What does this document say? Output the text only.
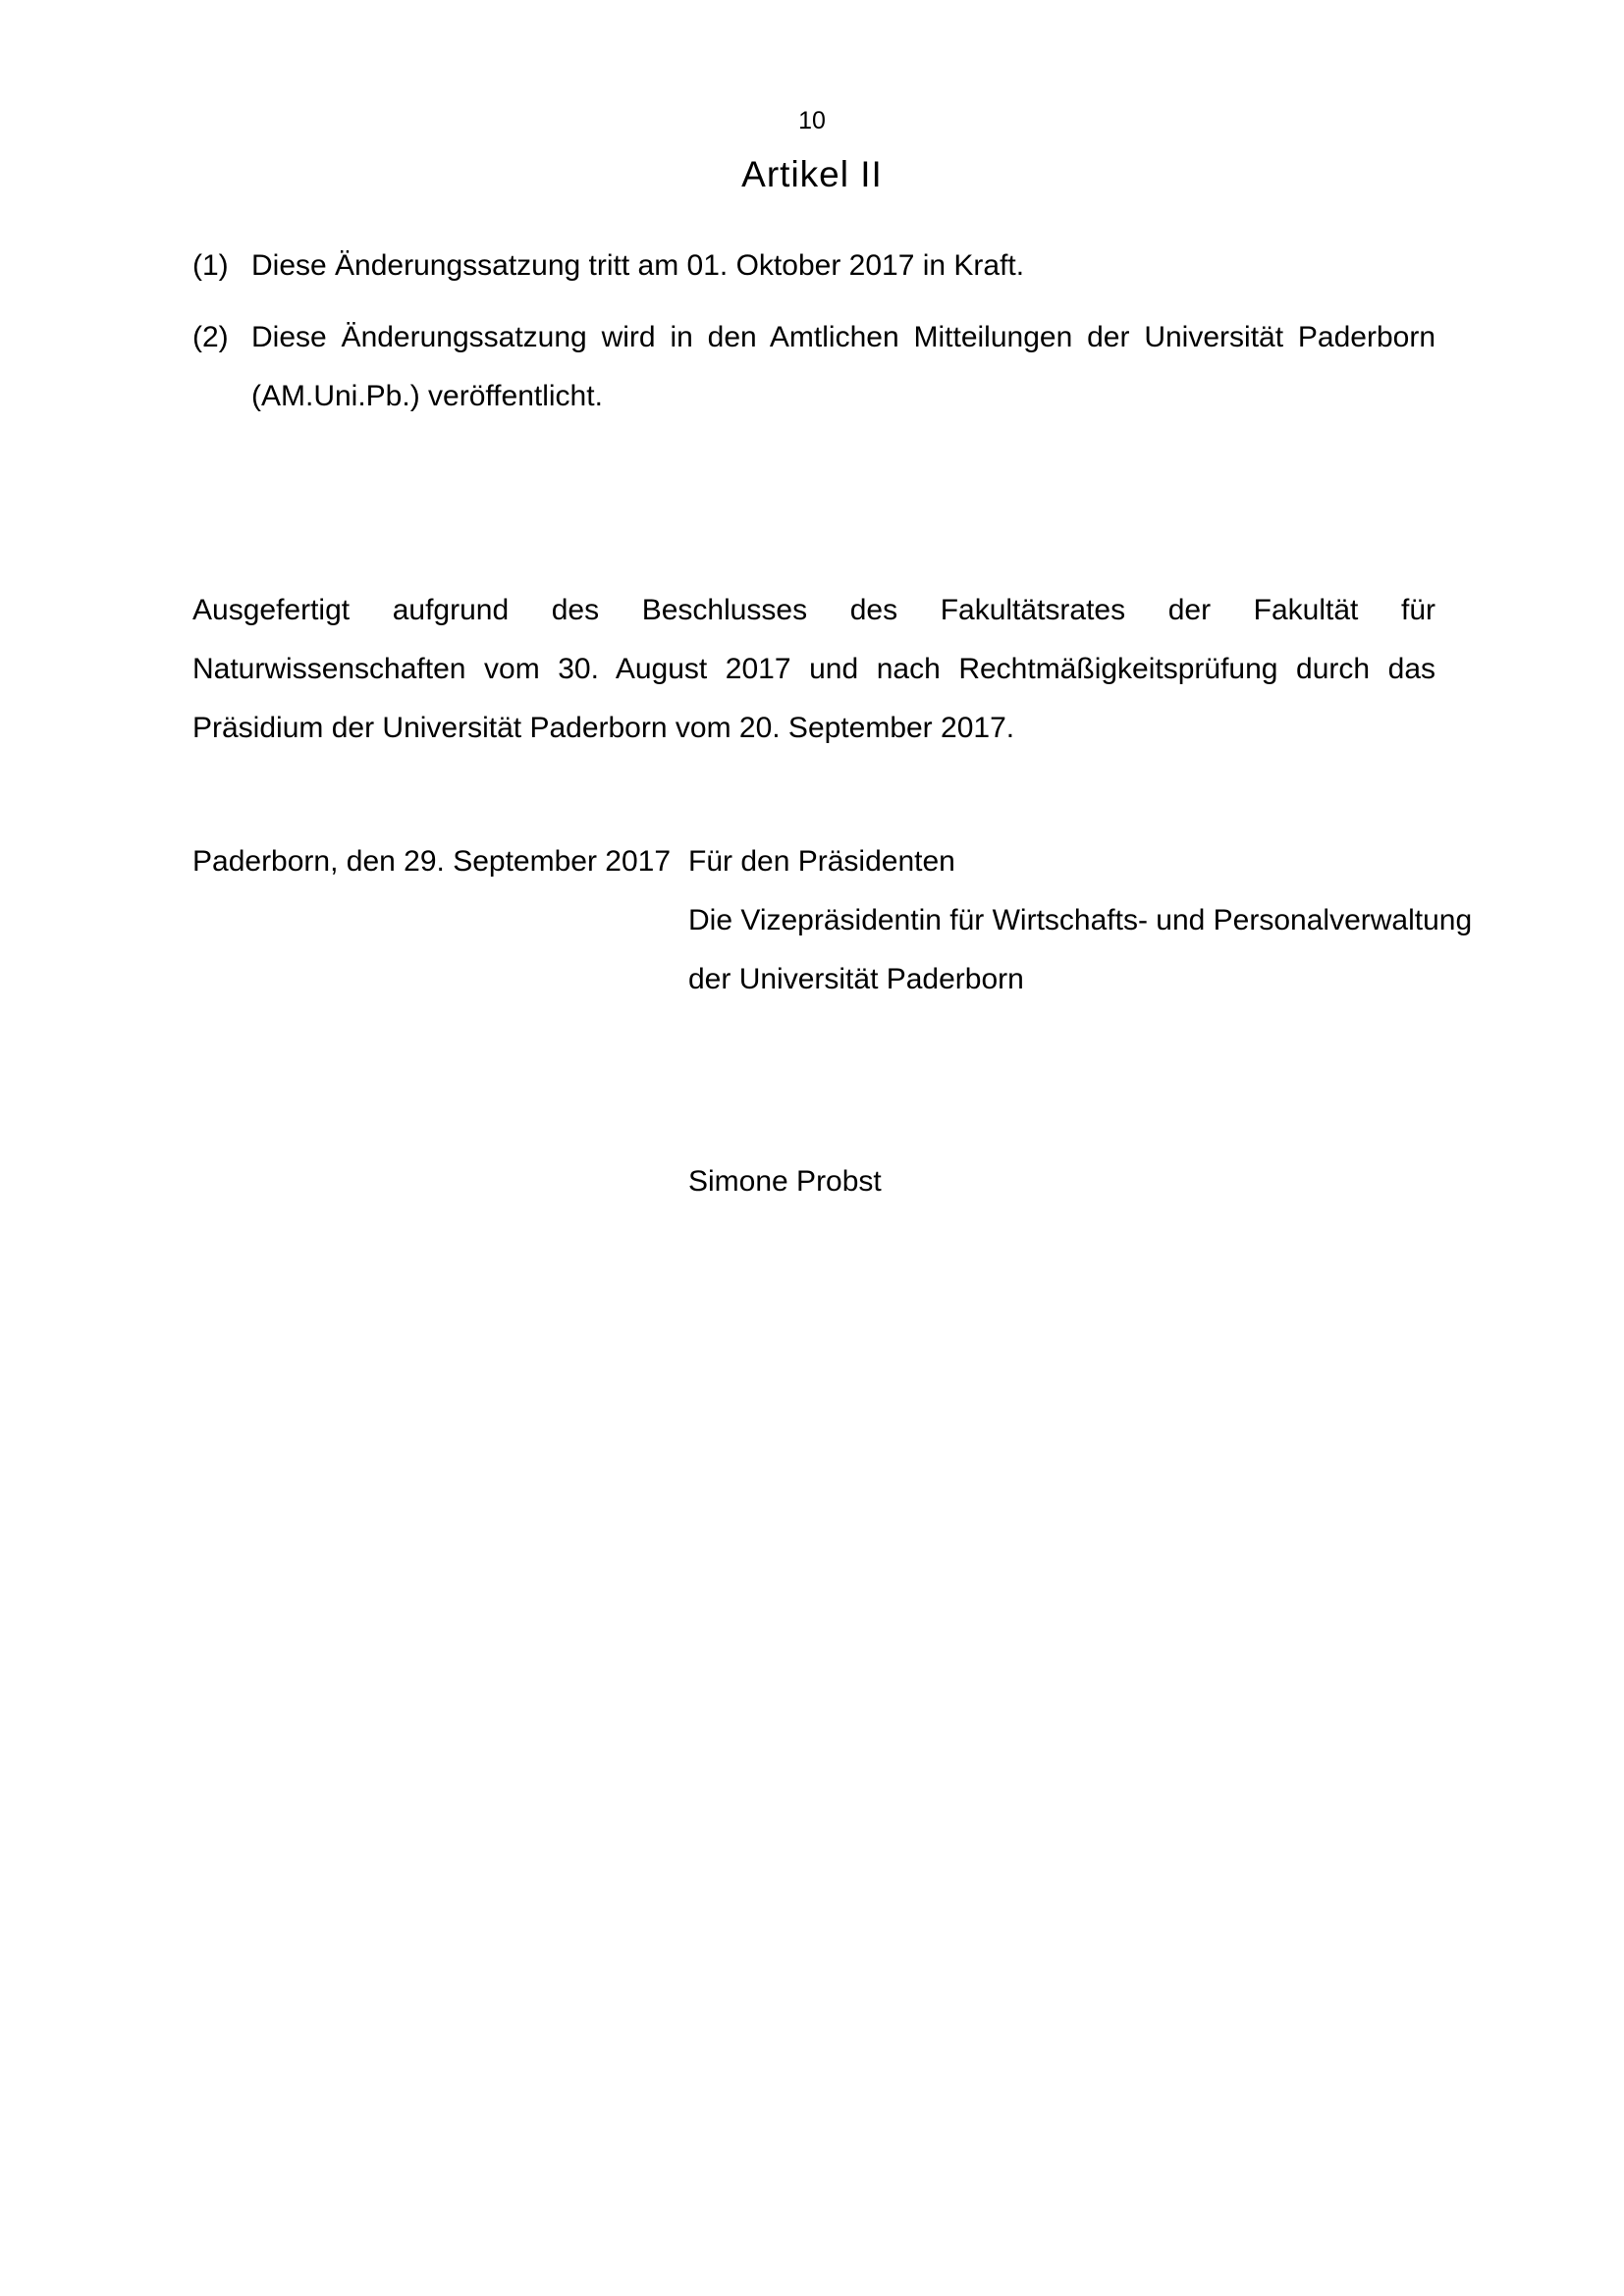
10
Artikel II
(1) Diese Änderungssatzung tritt am 01. Oktober 2017 in Kraft.
(2) Diese Änderungssatzung wird in den Amtlichen Mitteilungen der Universität Paderborn (AM.Uni.Pb.) veröffentlicht.
Ausgefertigt aufgrund des Beschlusses des Fakultätsrates der Fakultät für Naturwissenschaften vom 30. August 2017 und nach Rechtmäßigkeitsprüfung durch das Präsidium der Universität Paderborn vom 20. September 2017.
Paderborn, den 29. September 2017 Für den Präsidenten
Die Vizepräsidentin für Wirtschafts- und Personalverwaltung
der Universität Paderborn
Simone Probst
